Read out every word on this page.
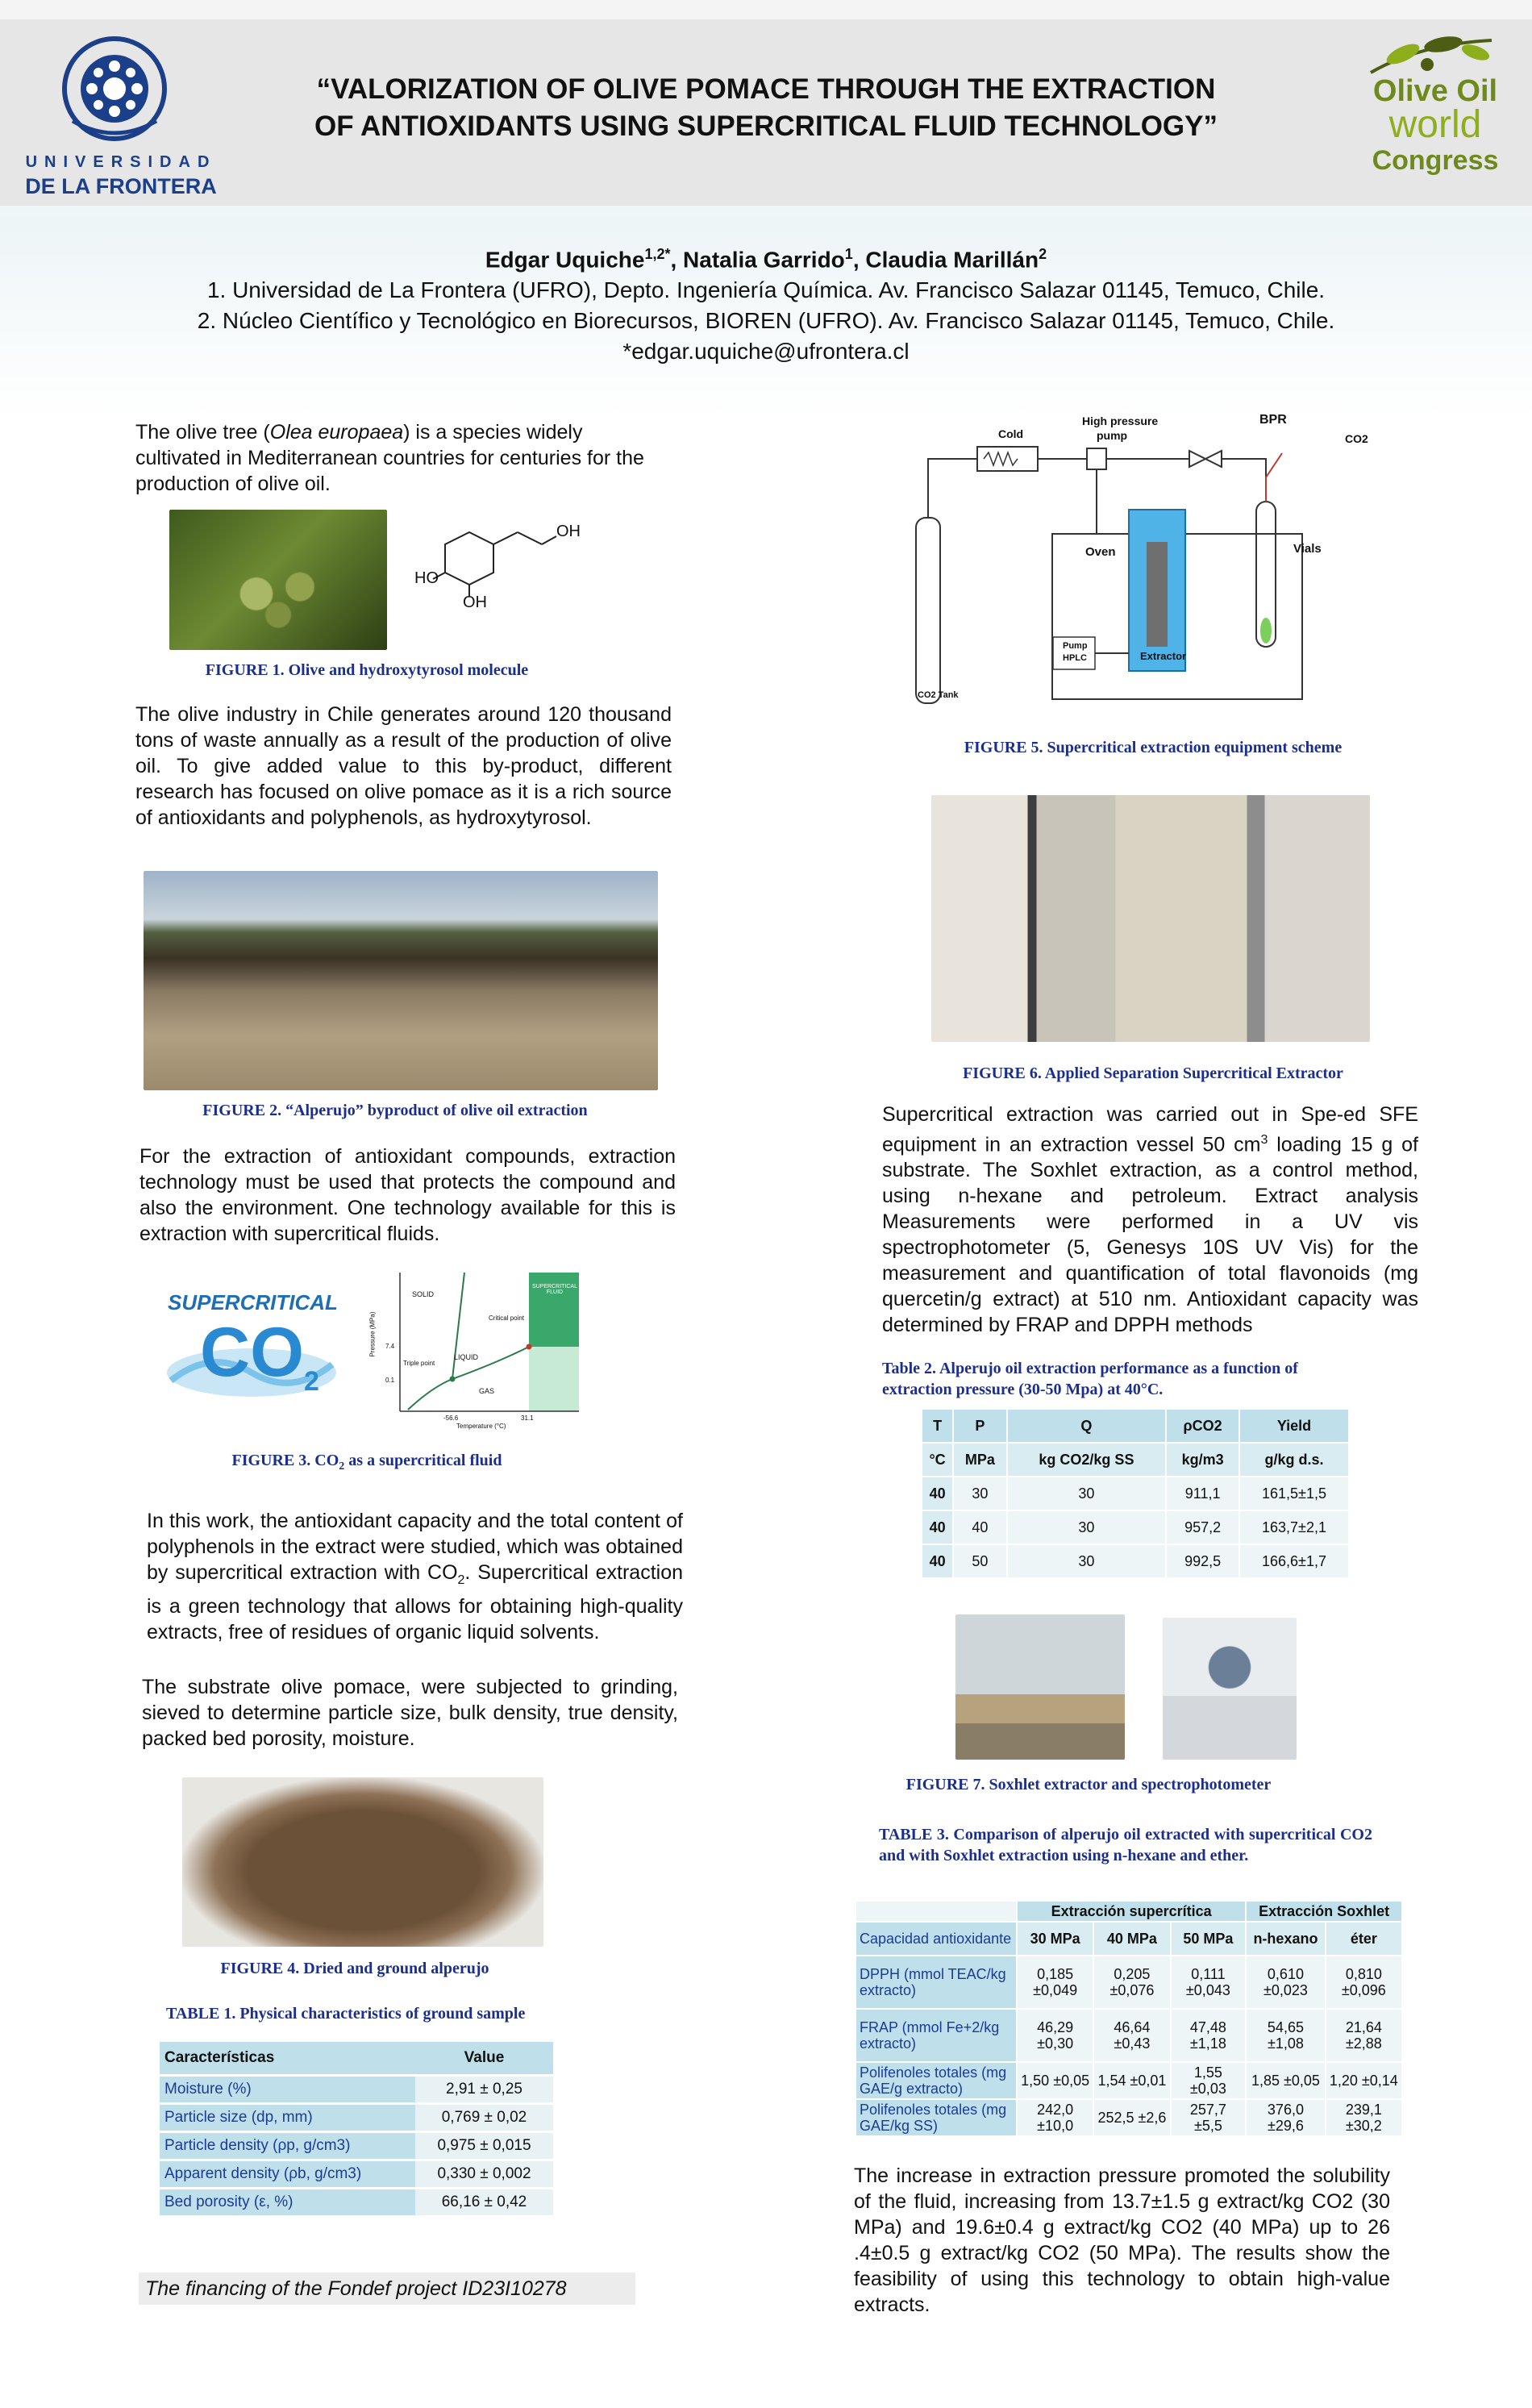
UNIVERSIDAD
DE LA FRONTERA
“VALORIZATION OF OLIVE POMACE THROUGH THE EXTRACTION
OF ANTIOXIDANTS USING SUPERCRITICAL FLUID TECHNOLOGY”
Olive Oil
world
Congress
Edgar Uquiche$^{1,2*}$, Natalia Garrido$^1$, Claudia Marillán$^2$
1. Universidad de La Frontera (UFRO), Depto. Ingeniería Química. Av. Francisco Salazar 01145, Temuco, Chile.
2. Núcleo Científico y Tecnológico en Biorecursos, BIOREN (UFRO). Av. Francisco Salazar 01145, Temuco, Chile.
*edgar.uquiche@ufrontera.cl
The olive tree (Olea europaea) is a species widely cultivated in Mediterranean countries for centuries for the production of olive oil.I AND OBJECTIVES
OH
HO
OH
FIGURE 1. Olive and hydroxytyrosol molecule
The olive industry in Chile generates around 120 thousand tons of waste annually as a result of the production of olive oil. To give added value to this by-product, different research has focused on olive pomace as it is a rich source of antioxidants and polyphenols, as hydroxytyrosol.
FIGURE 2. “Alperujo” byproduct of olive oil extraction
For the extraction of antioxidant compounds, extraction technology must be used that protects the compound and also the environment. One technology available for this is extraction with supercritical fluids.
SUPERCRITICAL
$CO_2$
SOLID
LIQUID
GAS
Critical point
Triple point
SUPERCRITICAL FLUID
Pressure (MPa)
Temperature (°C)
7.4
0.1
-56.6	31.1
FIGURE 3. $CO_2$ as a supercritical fluid
In this work, the antioxidant capacity and the total content of polyphenols in the extract were studied, which was obtained by supercritical extraction with $CO_2$. Supercritical extraction is a green technology that allows for obtaining high-quality extracts, free of residues of organic liquid solvents.
The substrate olive pomace, were subjected to grinding, sieved to determine particle size, bulk density, true density, packed bed porosity, moisture.
FIGURE 4. Dried and ground alperujo
TABLE 1. Physical characteristics of ground sample
Características	Value
Moisture (%)	2,91 ± 0,25
Particle size (dp, mm)	0,769 ± 0,02
Particle density (ρp, g/cm3)	0,975 ± 0,015
Apparent density (ρb, g/cm3)	0,330 ± 0,002
Bed porosity (ε, %)	66,16 ± 0,42
The financing of the Fondef project ID23I10278
Cold
High pressure
pump
BPR
CO2
Oven	Vials
Pump
HPLC	Extractor
CO2 Tank
FIGURE 5. Supercritical extraction equipment scheme
FIGURE 6. Applied Separation Supercritical Extractor
Supercritical extraction was carried out in Spe-ed SFE equipment in an extraction vessel 50 $cm^3$ loading 15 g of substrate. The Soxhlet extraction, as a control method, using n-hexane and petroleum. Extract analysis Measurements were performed in a UV vis spectrophotometer (5, Genesys 10S UV Vis) for the measurement and quantification of total flavonoids (mg quercetin/g extract) at 510 nm. Antioxidant capacity was determined by FRAP and DPPH methods
Table 2. Alperujo oil extraction performance as a function of extraction pressure (30-50 Mpa) at 40°C.
T	P	Q	ρCO2	Yield
°C	MPa	kg CO2/kg SS	kg/m3	g/kg d.s.
40	30	30	911,1	161,5±1,5
40	40	30	957,2	163,7±2,1
40	50	30	992,5	166,6±1,7
FIGURE 7. Soxhlet extractor and spectrophotometer
TABLE 3. Comparison of alperujo oil extracted with supercritical CO2 and with Soxhlet extraction using n-hexane and ether.
	Extracción supercrítica			Extracción Soxhlet	
Capacidad antioxidante	30 MPa	40 MPa	50 MPa	n-hexano	éter
DPPH (mmol TEAC/kg extracto)	0,185 ±0,049	0,205 ±0,076	0,111 ±0,043	0,610 ±0,023	0,810 ±0,096
FRAP (mmol Fe+2/kg extracto)	46,29 ±0,30	46,64 ±0,43	47,48 ±1,18	54,65 ±1,08	21,64 ±2,88
Polifenoles totales (mg GAE/g extracto)	1,50 ±0,05	1,54 ±0,01	1,55 ±0,03	1,85 ±0,05	1,20 ±0,14
Polifenoles totales (mg GAE/kg SS)	242,0 ±10,0	252,5 ±2,6	257,7 ±5,5	376,0 ±29,6	239,1 ±30,2
The increase in extraction pressure promoted the solubility of the fluid, increasing from 13.7±1.5 g extract/kg CO2 (30 MPa) and 19.6±0.4 g extract/kg CO2 (40 MPa) up to 26 .4±0.5 g extract/kg CO2 (50 MPa). The results show the feasibility of using this technology to obtain high-value extracts.
